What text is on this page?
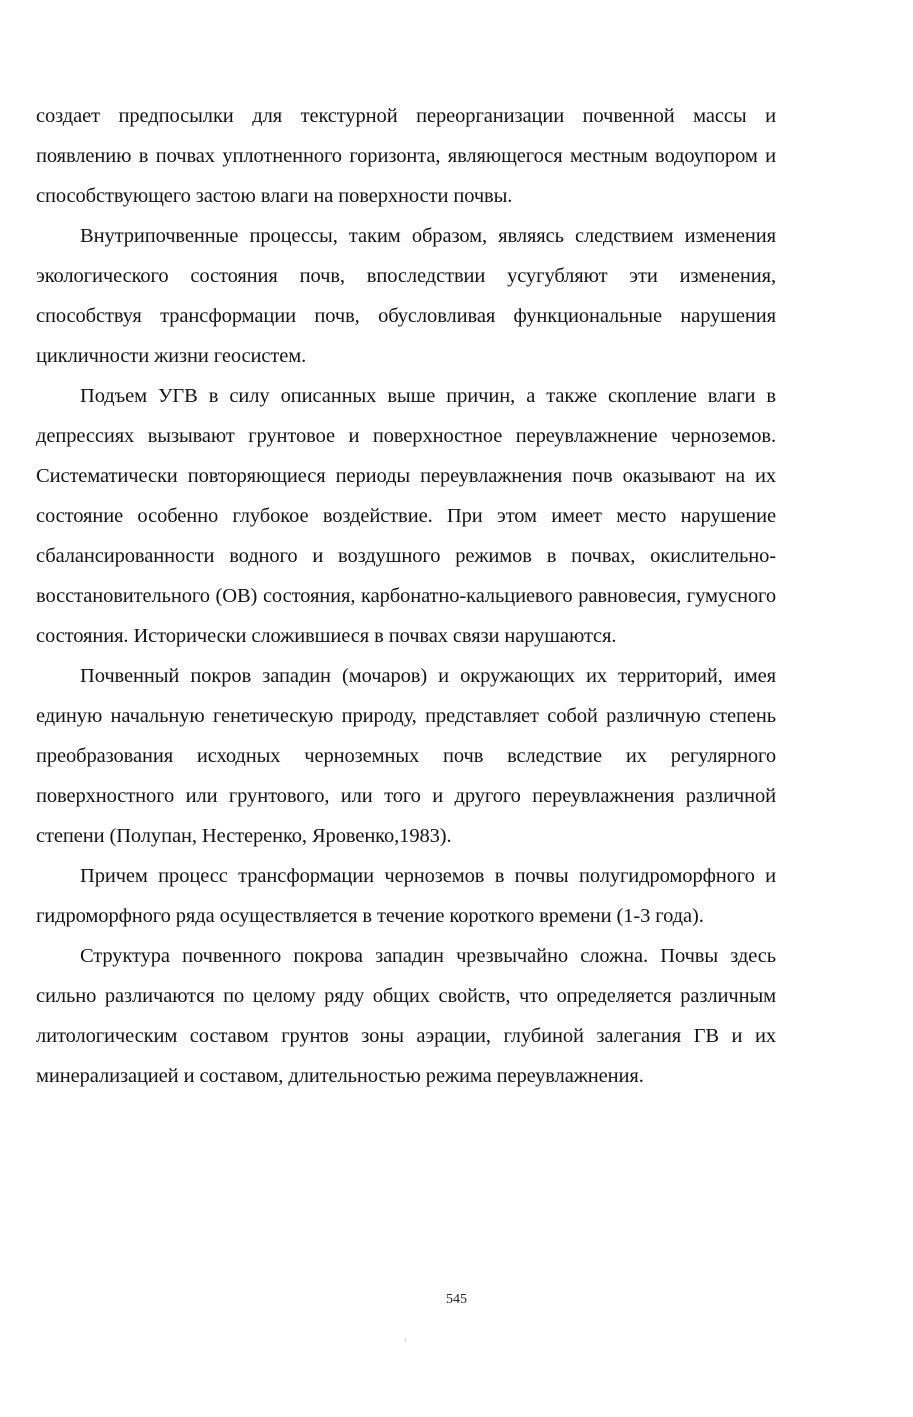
создает предпосылки для текстурной переорганизации почвенной массы и появлению в почвах уплотненного горизонта, являющегося местным водоупором и способствующего застою влаги на поверхности почвы.

Внутрипочвенные процессы, таким образом, являясь следствием изменения экологического состояния почв, впоследствии усугубляют эти изменения, способствуя трансформации почв, обусловливая функциональные нарушения цикличности жизни геосистем.

Подъем УГВ в силу описанных выше причин, а также скопление влаги в депрессиях вызывают грунтовое и поверхностное переувлажнение черноземов. Систематически повторяющиеся периоды переувлажнения почв оказывают на их состояние особенно глубокое воздействие. При этом имеет место нарушение сбалансированности водного и воздушного режимов в почвах, окислительно-восстановительного (ОВ) состояния, карбонатно-кальциевого равновесия, гумусного состояния. Исторически сложившиеся в почвах связи нарушаются.

Почвенный покров западин (мочаров) и окружающих их территорий, имея единую начальную генетическую природу, представляет собой различную степень преобразования исходных черноземных почв вследствие их регулярного поверхностного или грунтового, или того и другого переувлажнения различной степени (Полупан, Нестеренко, Яровенко,1983).

Причем процесс трансформации черноземов в почвы полугидроморфного и гидроморфного ряда осуществляется в течение короткого времени (1-3 года).

Структура почвенного покрова западин чрезвычайно сложна. Почвы здесь сильно различаются по целому ряду общих свойств, что определяется различным литологическим составом грунтов зоны аэрации, глубиной залегания ГВ и их минерализацией и составом, длительностью режима переувлажнения.

545
